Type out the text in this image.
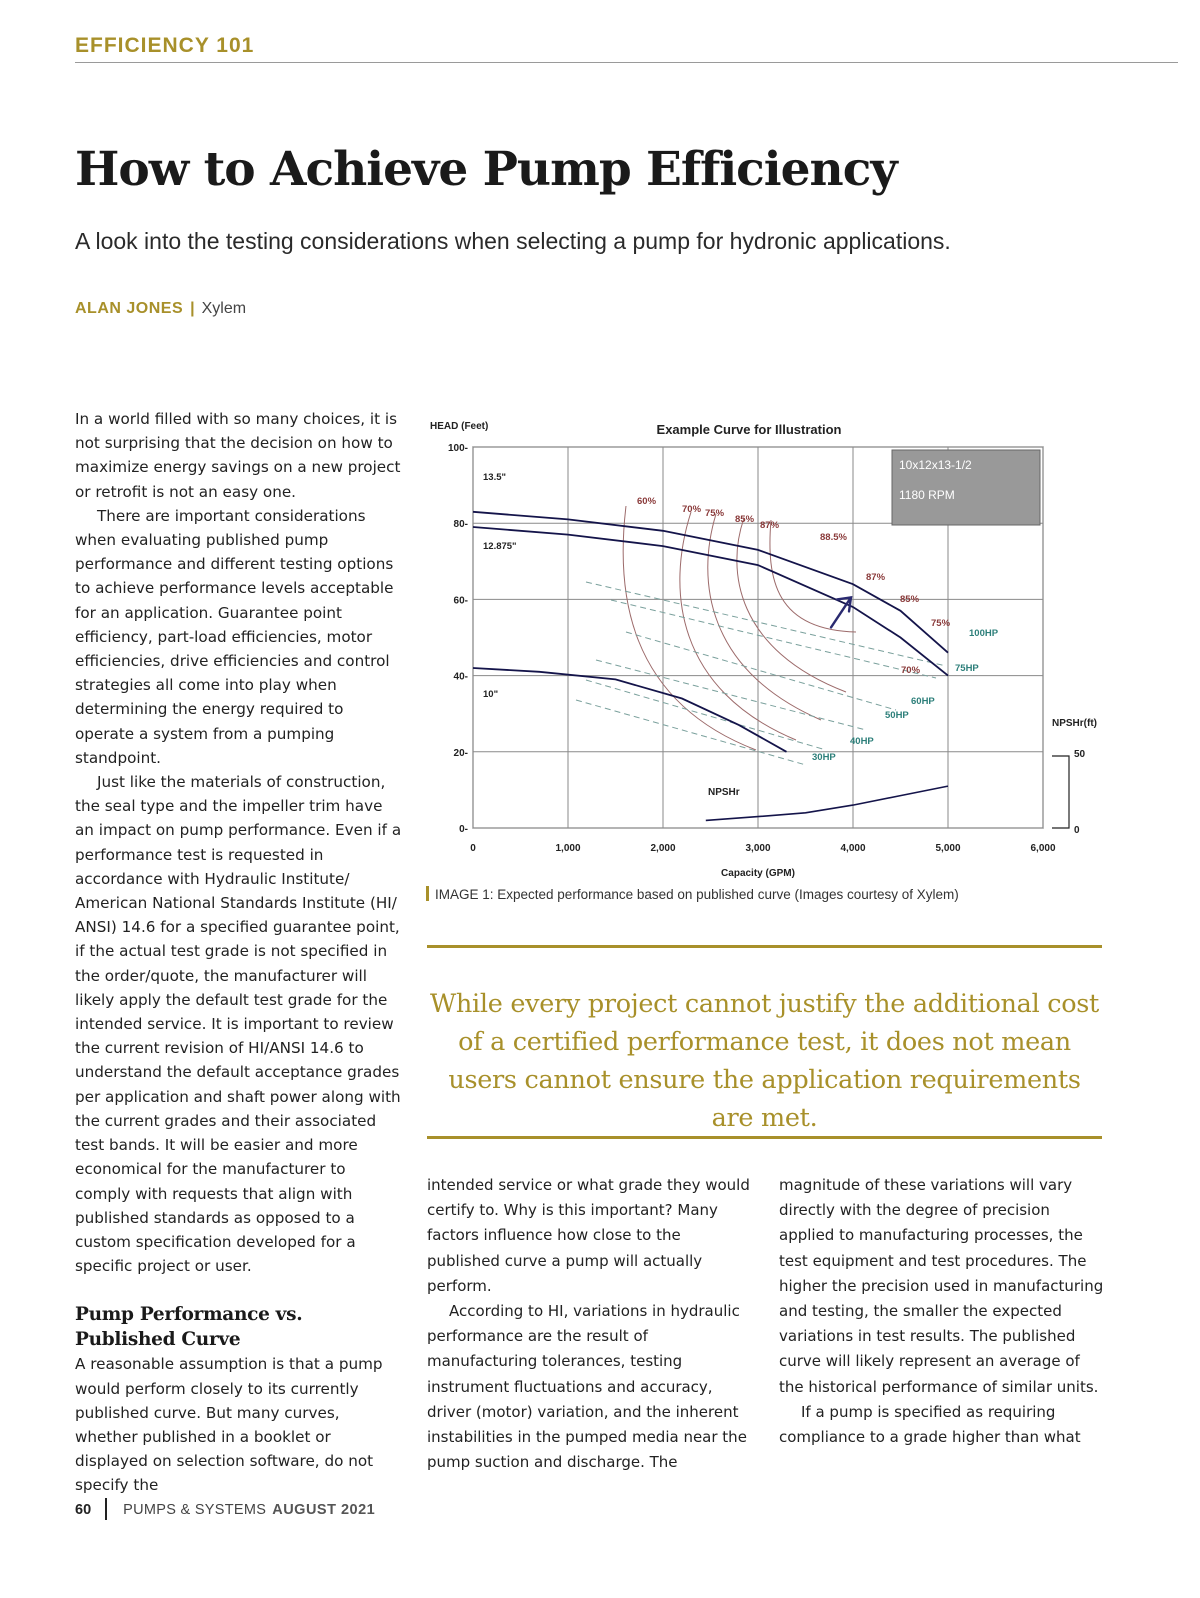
EFFICIENCY 101
How to Achieve Pump Efficiency
A look into the testing considerations when selecting a pump for hydronic applications.
ALAN JONES | Xylem

In a world filled with so many choices, it is not surprising that the decision on how to maximize energy savings on a new project or retrofit is not an easy one.

There are important considerations when evaluating published pump performance and different testing options to achieve performance levels acceptable for an application. Guarantee point efficiency, part-load efficiencies, motor efficiencies, drive efficiencies and control strategies all come into play when determining the energy required to operate a system from a pumping standpoint.

Just like the materials of construction, the seal type and the impeller trim have an impact on pump performance. Even if a performance test is requested in accordance with Hydraulic Institute/ American National Standards Institute (HI/ ANSI) 14.6 for a specified guarantee point, if the actual test grade is not specified in the order/quote, the manufacturer will likely apply the default test grade for the intended service. It is important to review the current revision of HI/ANSI 14.6 to understand the default acceptance grades per application and shaft power along with the current grades and their associated test bands. It will be easier and more economical for the manufacturer to comply with requests that align with published standards as opposed to a custom specification developed for a specific project or user.

Pump Performance vs. Published Curve

A reasonable assumption is that a pump would perform closely to its currently published curve. But many curves, whether published in a booklet or displayed on selection software, do not specify the

10x12x13-1/2
1180 RPM
HEAD (Feet)	Example Curve for Illustration
Capacity (GPM)
NPSHr(ft)
0	1,000	2,000	3,000	4,000	5,000	6,000
0-
20-
40-
60-
80-
100-
0
50
13.5"
12.875"
10"
NPSHr
60%
70% 75%
85%
87%
88.5%
87%
85%
75%
70%
100HP
75HP
60HP
50HP
40HP
30HP
IMAGE 1: Expected performance based on published curve (Images courtesy of Xylem)
While every project cannot justify the additional cost of a certified performance test, it does not mean users cannot ensure the application requirements are met.

intended service or what grade they would certify to. Why is this important? Many factors influence how close to the published curve a pump will actually perform.

According to HI, variations in hydraulic performance are the result of manufacturing tolerances, testing instrument fluctuations and accuracy, driver (motor) variation, and the inherent instabilities in the pumped media near the pump suction and discharge. The

magnitude of these variations will vary directly with the degree of precision applied to manufacturing processes, the test equipment and test procedures. The higher the precision used in manufacturing and testing, the smaller the expected variations in test results. The published curve will likely represent an average of the historical performance of similar units.

If a pump is specified as requiring compliance to a grade higher than what

60 PUMPS & SYSTEMS AUGUST 2021
